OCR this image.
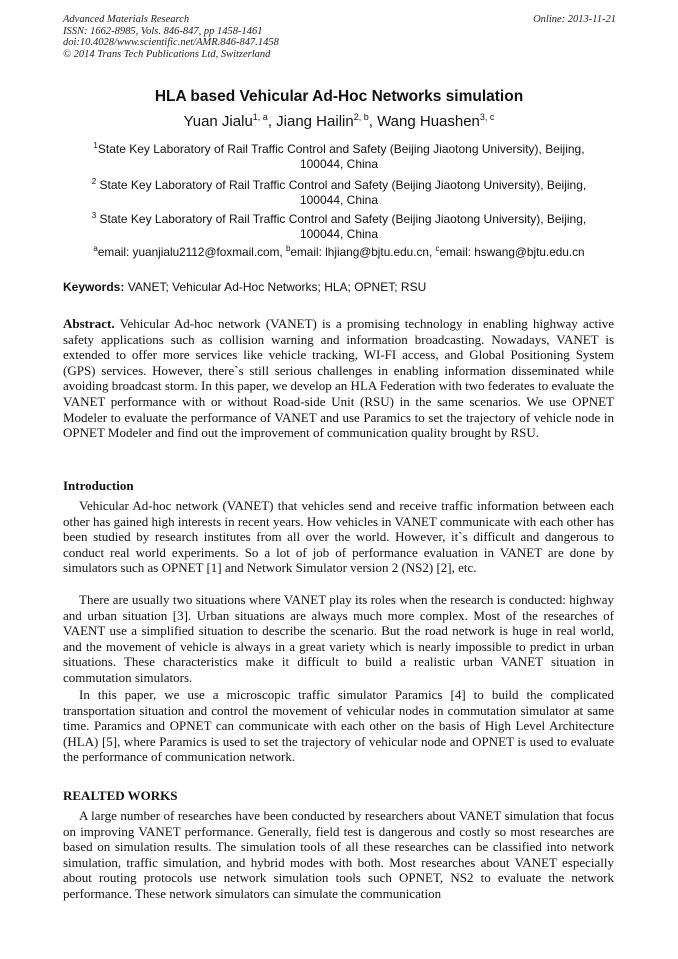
Advanced Materials Research
ISSN: 1662-8985, Vols. 846-847, pp 1458-1461
doi:10.4028/www.scientific.net/AMR.846-847.1458
© 2014 Trans Tech Publications Ltd, Switzerland
Online: 2013-11-21
HLA based Vehicular Ad-Hoc Networks simulation
Yuan Jialu$^{1, a}$, Jiang Hailin$^{2, b}$, Wang Huashen$^{3, c}$
$^1$State Key Laboratory of Rail Traffic Control and Safety (Beijing Jiaotong University), Beijing,
100044, China
$^2$ State Key Laboratory of Rail Traffic Control and Safety (Beijing Jiaotong University), Beijing,
100044, China
$^3$ State Key Laboratory of Rail Traffic Control and Safety (Beijing Jiaotong University), Beijing,
100044, China
$^a$email: yuanjialu2112@foxmail.com, $^b$email: lhjiang@bjtu.edu.cn, $^c$email: hswang@bjtu.edu.cn
Keywords: VANET; Vehicular Ad-Hoc Networks; HLA; OPNET; RSU
Abstract. Vehicular Ad-hoc network (VANET) is a promising technology in enabling highway active safety applications such as collision warning and information broadcasting. Nowadays, VANET is extended to offer more services like vehicle tracking, WI-FI access, and Global Positioning System (GPS) services. However, there`s still serious challenges in enabling information disseminated while avoiding broadcast storm. In this paper, we develop an HLA Federation with two federates to evaluate the VANET performance with or without Road-side Unit (RSU) in the same scenarios. We use OPNET Modeler to evaluate the performance of VANET and use Paramics to set the trajectory of vehicle node in OPNET Modeler and find out the improvement of communication quality brought by RSU.
Introduction
Vehicular Ad-hoc network (VANET) that vehicles send and receive traffic information between each other has gained high interests in recent years. How vehicles in VANET communicate with each other has been studied by research institutes from all over the world. However, it`s difficult and dangerous to conduct real world experiments. So a lot of job of performance evaluation in VANET are done by simulators such as OPNET [1] and Network Simulator version 2 (NS2) [2], etc.
There are usually two situations where VANET play its roles when the research is conducted: highway and urban situation [3]. Urban situations are always much more complex. Most of the researches of VAENT use a simplified situation to describe the scenario. But the road network is huge in real world, and the movement of vehicle is always in a great variety which is nearly impossible to predict in urban situations. These characteristics make it difficult to build a realistic urban VANET situation in commutation simulators.
In this paper, we use a microscopic traffic simulator Paramics [4] to build the complicated transportation situation and control the movement of vehicular nodes in commutation simulator at same time. Paramics and OPNET can communicate with each other on the basis of High Level Architecture (HLA) [5], where Paramics is used to set the trajectory of vehicular node and OPNET is used to evaluate the performance of communication network.
REALTED WORKS
A large number of researches have been conducted by researchers about VANET simulation that focus on improving VANET performance. Generally, field test is dangerous and costly so most researches are based on simulation results. The simulation tools of all these researches can be classified into network simulation, traffic simulation, and hybrid modes with both. Most researches about VANET especially about routing protocols use network simulation tools such OPNET, NS2 to evaluate the network performance. These network simulators can simulate the communication
